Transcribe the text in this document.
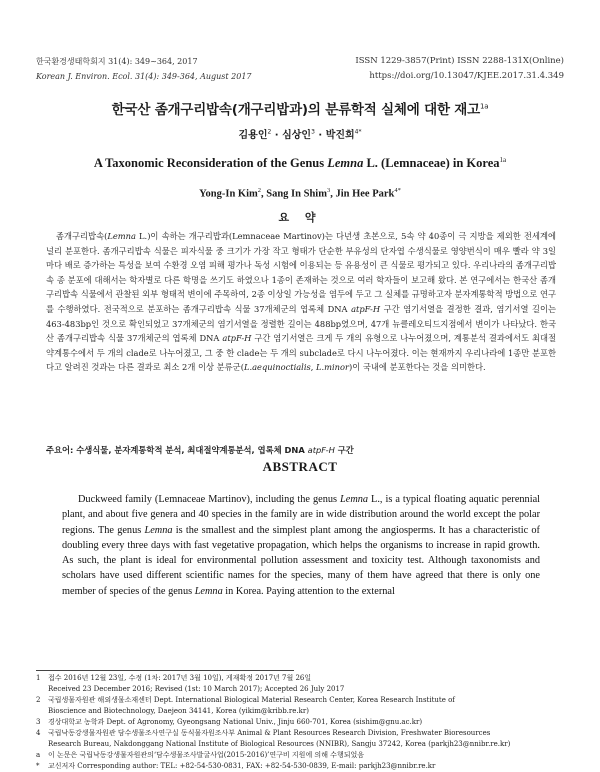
한국환경생태학회지 31(4): 349~364, 2017
Korean J. Environ. Ecol. 31(4): 349-364, August 2017
ISSN 1229-3857(Print) ISSN 2288-131X(Online)
https://doi.org/10.13047/KJEE.2017.31.4.349
한국산 좀개구리밥속(개구리밥과)의 분류학적 실체에 대한 재고$^{1a}$
김용인$^2$ · 심상인$^3$ · 박진희$^{4*}$
A Taxonomic Reconsideration of the Genus Lemna L. (Lemnaceae) in Korea$^{1a}$
Yong-In Kim$^2$, Sang In Shim$^3$, Jin Hee Park$^{4*}$
요 약

좀개구리밥속(Lemna L.)이 속하는 개구리밥과(Lemnaceae Martinov)는 다년생 초본으로, 5속 약 40종이 극 지방을 제외한 전세계에 널리 분포한다. 좀개구리밥속 식물은 피자식물 중 크기가 가장 작고 형태가 단순한 부유성의 단자엽 수생식물로 영양번식이 매우 빨라 약 3일마다 배로 증가하는 특성을 보여 수환경 오염 피해 평가나 독성 시험에 이용되는 등 유용성이 큰 식물로 평가되고 있다. 우리나라의 좀개구리밥속 종 분포에 대해서는 학자별로 다른 학명을 쓰기도 하였으나 1종이 존재하는 것으로 여러 학자들이 보고해 왔다. 본 연구에서는 한국산 좀개구리밥속 식물에서 관찰된 외부 형태적 변이에 주목하여, 2종 이상일 가능성을 염두에 두고 그 실체를 규명하고자 분자계통학적 방법으로 연구를 수행하였다. 전국적으로 분포하는 좀개구리밥속 식물 37개체군의 엽록체 DNA atpF-H 구간 염기서열을 결정한 결과, 염기서열 길이는 463-483bp인 것으로 확인되었고 37개체군의 염기서열을 정렬한 길이는 488bp였으며, 47개 뉴클레오티드지점에서 변이가 나타났다. 한국산 좀개구리밥속 식물 37개체군의 엽록체 DNA atpF-H 구간 염기서열은 크게 두 개의 유형으로 나누어졌으며, 계통분석 결과에서도 최대절약계통수에서 두 개의 clade로 나누어졌고, 그 중 한 clade는 두 개의 subclade로 다시 나누어졌다. 이는 현재까지 우리나라에 1종만 분포한다고 알려진 것과는 다른 결과로 최소 2개 이상 분류군(L.aequinoctialis, L.minor)이 국내에 분포한다는 것을 의미한다.

주요어: 수생식물, 분자계통학적 분석, 최대절약계통분석, 엽록체 DNA atpF-H 구간
ABSTRACT

Duckweed family (Lemnaceae Martinov), including the genus Lemna L., is a typical floating aquatic perennial plant, and about five genera and 40 species in the family are in wide distribution around the world except the polar regions. The genus Lemna is the smallest and the simplest plant among the angiosperms. It has a characteristic of doubling every three days with fast vegetative propagation, which helps the organisms to increase in rapid growth. As such, the plant is ideal for environmental pollution assessment and toxicity test. Although taxonomists and scholars have used different scientific names for the species, many of them have agreed that there is only one member of species of the genus Lemna in Korea. Paying attention to the external

1	접수 2016년 12월 23일, 수정 (1차: 2017년 3월 10일), 게재확정 2017년 7월 26일
Received 23 December 2016; Revised (1st: 10 March 2017); Accepted 26 July 2017
2	국립생물자원관 해외생물소재센터 Dept. International Biological Material Research Center, Korea Research Institute of
Bioscience and Biotechnology, Daejeon 34141, Korea (yikim@kribb.re.kr)
3	경상대학교 농학과 Dept. of Agronomy, Gyeongsang National Univ., Jinju 660-701, Korea (sishim@gnu.ac.kr)
4	국립낙동강생물자원관 담수생물조사연구실 동식물자원조사부 Animal & Plant Resources Research Division, Freshwater Bioresources
Research Bureau, Nakdonggang National Institute of Biological Resources (NNIBR), Sangju 37242, Korea (parkjh23@nnibr.re.kr)
a	이 논문은 국립낙동강생물자원관의‘담수생물조사발굴사업(2015-2016)’연구비 지원에 의해 수행되었음
*	교신저자 Corresponding author: TEL: +82-54-530-0831, FAX: +82-54-530-0839, E-mail: parkjh23@nnibr.re.kr
